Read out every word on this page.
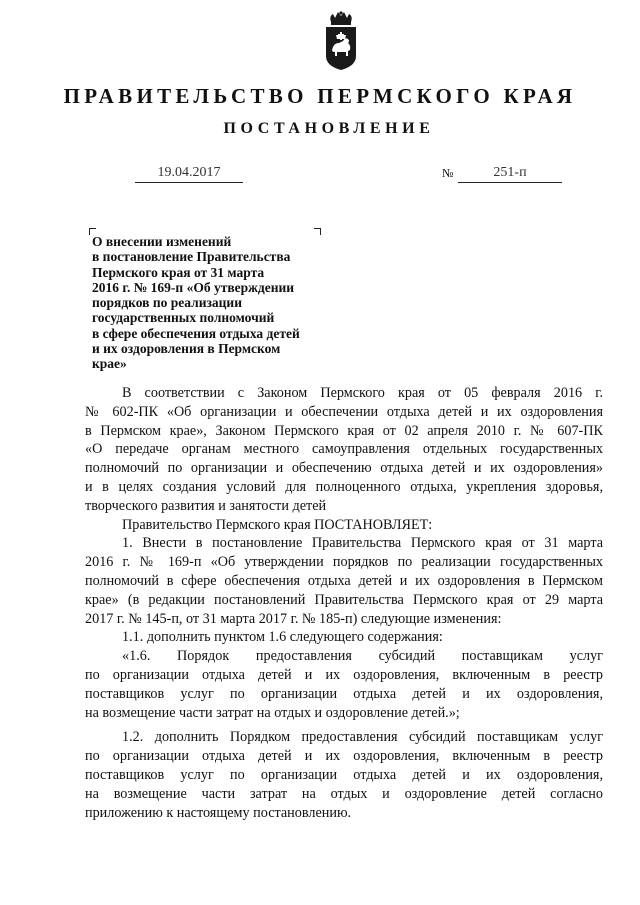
ПРАВИТЕЛЬСТВО ПЕРМСКОГО КРАЯ
ПОСТАНОВЛЕНИЕ
19.04.2017	№	251-п
О внесении изменений
в постановление Правительства
Пермского края от 31 марта
2016 г. № 169-п «Об утверждении
порядков по реализации
государственных полномочий
в сфере обеспечения отдыха детей
и их оздоровления в Пермском
крае»
В соответствии с Законом Пермского края от 05 февраля 2016 г.
№ 602-ПК «Об организации и обеспечении отдыха детей и их оздоровления
в Пермском крае», Законом Пермского края от 02 апреля 2010 г. № 607-ПК
«О передаче органам местного самоуправления отдельных государственных
полномочий по организации и обеспечению отдыха детей и их оздоровления»
и в целях создания условий для полноценного отдыха, укрепления здоровья,
творческого развития и занятости детей
Правительство Пермского края ПОСТАНОВЛЯЕТ:
1. Внести в постановление Правительства Пермского края от 31 марта
2016 г. № 169-п «Об утверждении порядков по реализации государственных
полномочий в сфере обеспечения отдыха детей и их оздоровления в Пермском
крае» (в редакции постановлений Правительства Пермского края от 29 марта
2017 г. № 145-п, от 31 марта 2017 г. № 185-п) следующие изменения:
1.1. дополнить пунктом 1.6 следующего содержания:
«1.6. Порядок предоставления субсидий поставщикам услуг
по организации отдыха детей и их оздоровления, включенным в реестр
поставщиков услуг по организации отдыха детей и их оздоровления,
на возмещение части затрат на отдых и оздоровление детей.»;
1.2. дополнить Порядком предоставления субсидий поставщикам услуг
по организации отдыха детей и их оздоровления, включенным в реестр
поставщиков услуг по организации отдыха детей и их оздоровления,
на возмещение части затрат на отдых и оздоровление детей согласно
приложению к настоящему постановлению.
